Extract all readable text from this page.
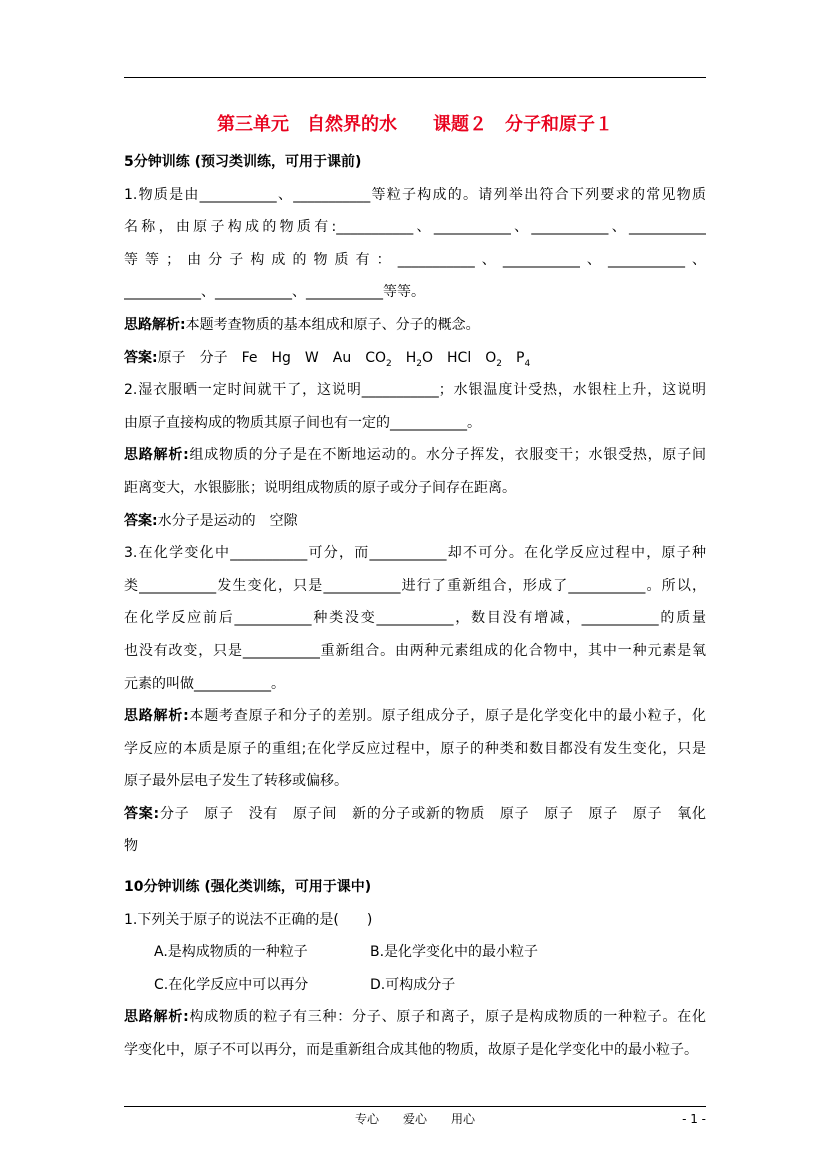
第三单元　自然界的水　　课题２　分子和原子１
5分钟训练 (预习类训练，可用于课前)
1.物质是由___________、___________等粒子构成的。请列举出符合下列要求的常见物质
名称，由原子构成的物质有:___________、___________、___________、___________
等等；由分子构成的物质有：___________、___________、___________、
___________、___________、___________等等。
思路解析:本题考查物质的基本组成和原子、分子的概念。
答案:原子　分子　Fe　Hg　W　Au　$CO_2$　$H_2O$　HCl　$O_2$　$P_4$
2.湿衣服晒一定时间就干了，这说明___________；水银温度计受热，水银柱上升，这说明
由原子直接构成的物质其原子间也有一定的___________。
思路解析:组成物质的分子是在不断地运动的。水分子挥发，衣服变干；水银受热，原子间
距离变大，水银膨胀；说明组成物质的原子或分子间存在距离。
答案:水分子是运动的　空隙
3.在化学变化中___________可分，而___________却不可分。在化学反应过程中，原子种
类___________发生变化，只是___________进行了重新组合，形成了___________。所以，
在化学反应前后___________种类没变___________，数目没有增减，___________的质量
也没有改变，只是___________重新组合。由两种元素组成的化合物中，其中一种元素是氧
元素的叫做___________。
思路解析:本题考查原子和分子的差别。原子组成分子，原子是化学变化中的最小粒子，化
学反应的本质是原子的重组;在化学反应过程中，原子的种类和数目都没有发生变化，只是
原子最外层电子发生了转移或偏移。
答案:分子　原子　没有　原子间　新的分子或新的物质　原子　原子　原子　原子　氧化
物
10分钟训练 (强化类训练，可用于课中)
1.下列关于原子的说法不正确的是(　　)
A.是构成物质的一种粒子	B.是化学变化中的最小粒子
C.在化学反应中可以再分	D.可构成分子
思路解析:构成物质的粒子有三种：分子、原子和离子，原子是构成物质的一种粒子。在化
学变化中，原子不可以再分，而是重新组合成其他的物质，故原子是化学变化中的最小粒子。
专心　　爱心　　用心	- 1 -
